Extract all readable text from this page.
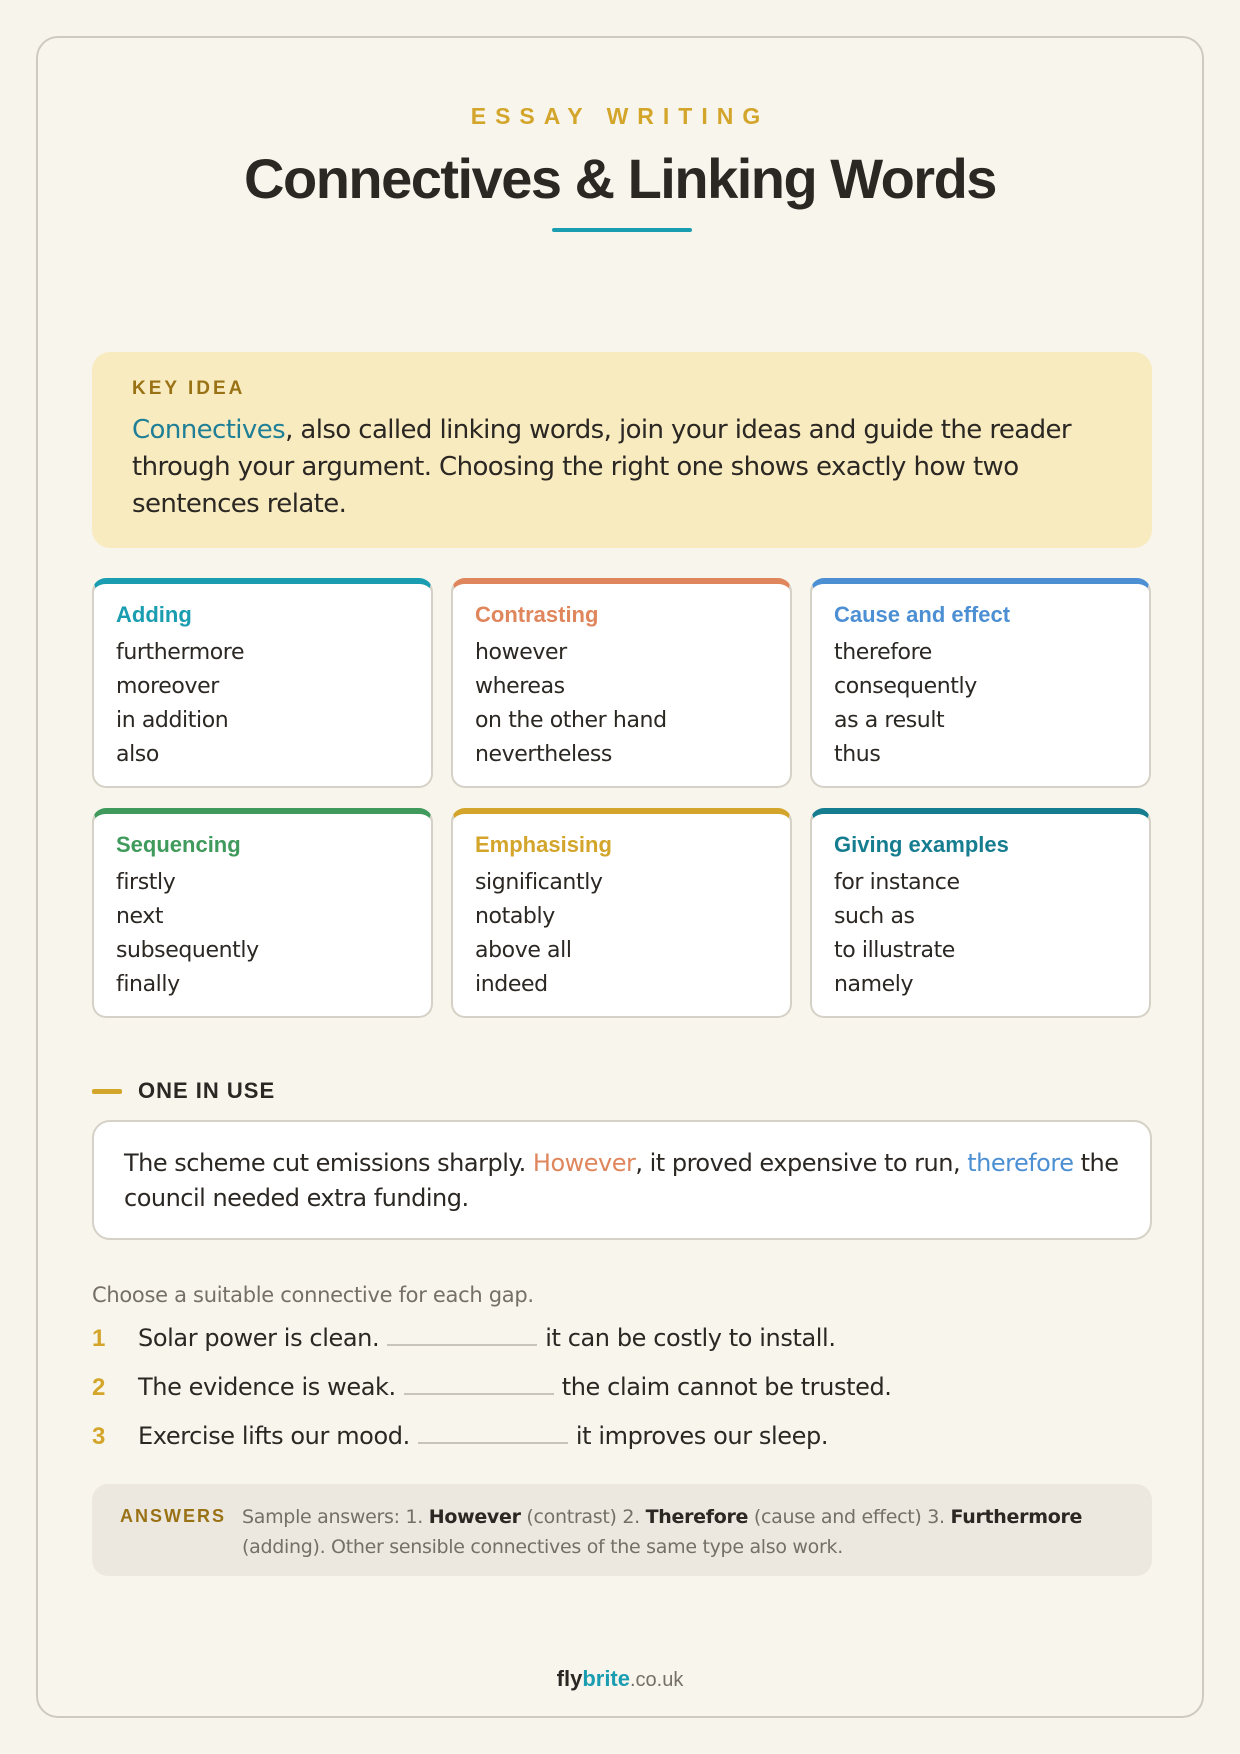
ESSAY WRITING
Connectives & Linking Words
KEY IDEA
Connectives, also called linking words, join your ideas and guide the reader through your argument. Choosing the right one shows exactly how two sentences relate.
Adding
furthermore
moreover
in addition
also
Contrasting
however
whereas
on the other hand
nevertheless
Cause and effect
therefore
consequently
as a result
thus
Sequencing
firstly
next
subsequently
finally
Emphasising
significantly
notably
above all
indeed
Giving examples
for instance
such as
to illustrate
namely
ONE IN USE
The scheme cut emissions sharply. However, it proved expensive to run, therefore the council needed extra funding.
Choose a suitable connective for each gap.
1	Solar power is clean.	it can be costly to install.
2	The evidence is weak.	the claim cannot be trusted.
3	Exercise lifts our mood.	it improves our sleep.
ANSWERS Sample answers: 1. However (contrast) 2. Therefore (cause and effect) 3. Furthermore (adding). Other sensible connectives of the same type also work.
flybrite.co.uk
